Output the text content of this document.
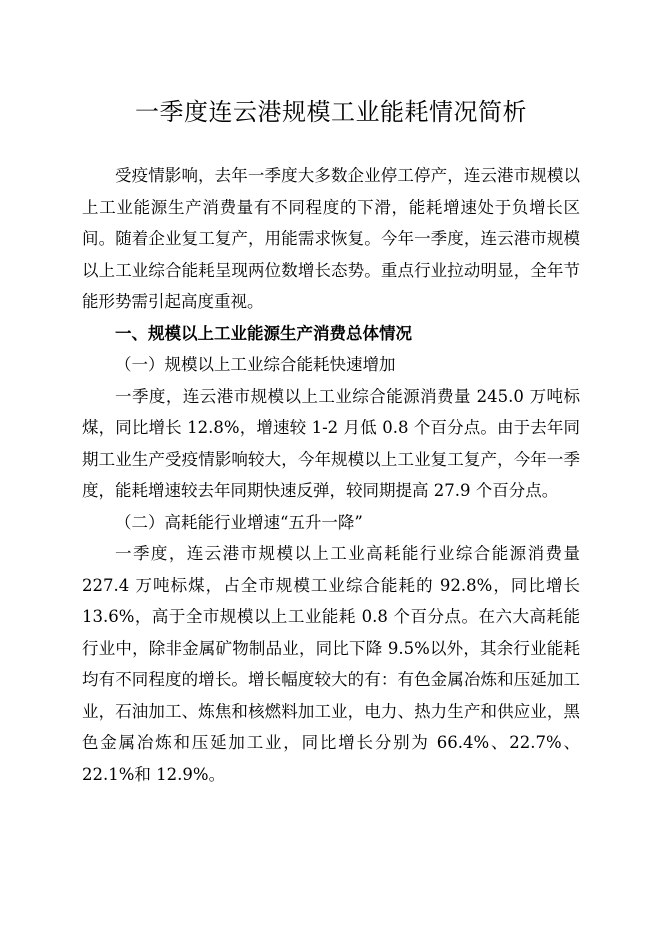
一季度连云港规模工业能耗情况简析

受疫情影响，去年一季度大多数企业停工停产，连云港市规模以上工业能源生产消费量有不同程度的下滑，能耗增速处于负增长区间。随着企业复工复产，用能需求恢复。今年一季度，连云港市规模以上工业综合能耗呈现两位数增长态势。重点行业拉动明显，全年节能形势需引起高度重视。

一、规模以上工业能源生产消费总体情况

（一）规模以上工业综合能耗快速增加

一季度，连云港市规模以上工业综合能源消费量 245.0 万吨标煤，同比增长 12.8%，增速较 1-2 月低 0.8 个百分点。由于去年同期工业生产受疫情影响较大，今年规模以上工业复工复产，今年一季度，能耗增速较去年同期快速反弹，较同期提高 27.9 个百分点。

（二）高耗能行业增速“五升一降”

一季度，连云港市规模以上工业高耗能行业综合能源消费量 227.4 万吨标煤，占全市规模工业综合能耗的 92.8%，同比增长 13.6%，高于全市规模以上工业能耗 0.8 个百分点。在六大高耗能行业中，除非金属矿物制品业，同比下降 9.5%以外，其余行业能耗均有不同程度的增长。增长幅度较大的有：有色金属冶炼和压延加工业，石油加工、炼焦和核燃料加工业，电力、热力生产和供应业，黑色金属冶炼和压延加工业，同比增长分别为 66.4%、22.7%、22.1%和 12.9%。
